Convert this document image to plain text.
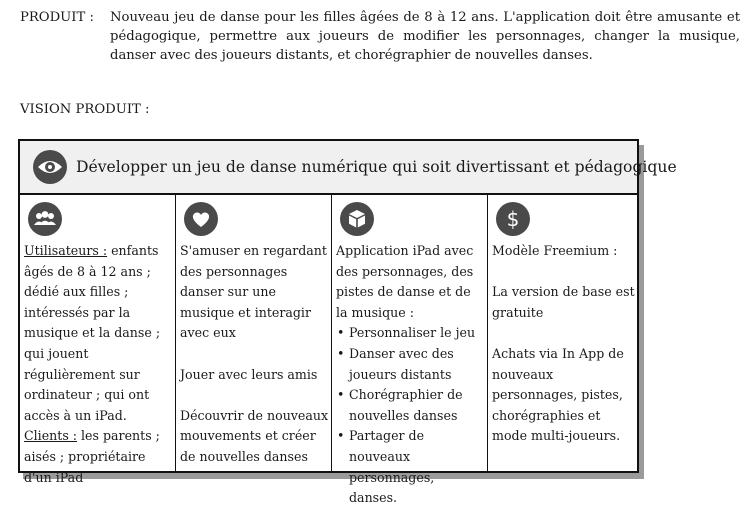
PRODUIT :	Nouveau jeu de danse pour les filles âgées de 8 à 12 ans. L'application doit être amusante et pédagogique, permettre aux joueurs de modifier les personnages, changer la musique, danser avec des joueurs distants, et chorégraphier de nouvelles danses.
VISION PRODUIT :
Développer un jeu de danse numérique qui soit divertissant et pédagogique
Utilisateurs : enfants âgés de 8 à 12 ans ; dédié aux filles ; intéressés par la musique et la danse ; qui jouent régulièrement sur ordinateur ; qui ont accès à un iPad.
Clients : les parents ; aisés ; propriétaire d'un iPad
S'amuser en regardant des personnages danser sur une musique et interagir avec eux
Jouer avec leurs amis
Découvrir de nouveaux mouvements et créer de nouvelles danses
Application iPad avec des personnages, des pistes de danse et de la musique :
• Personnaliser le jeu
• Danser avec des joueurs distants
• Chorégraphier de nouvelles danses
• Partager de nouveaux personnages, danses.
$
Modèle Freemium :
La version de base est gratuite
Achats via In App de nouveaux personnages, pistes, chorégraphies et mode multi-joueurs.
